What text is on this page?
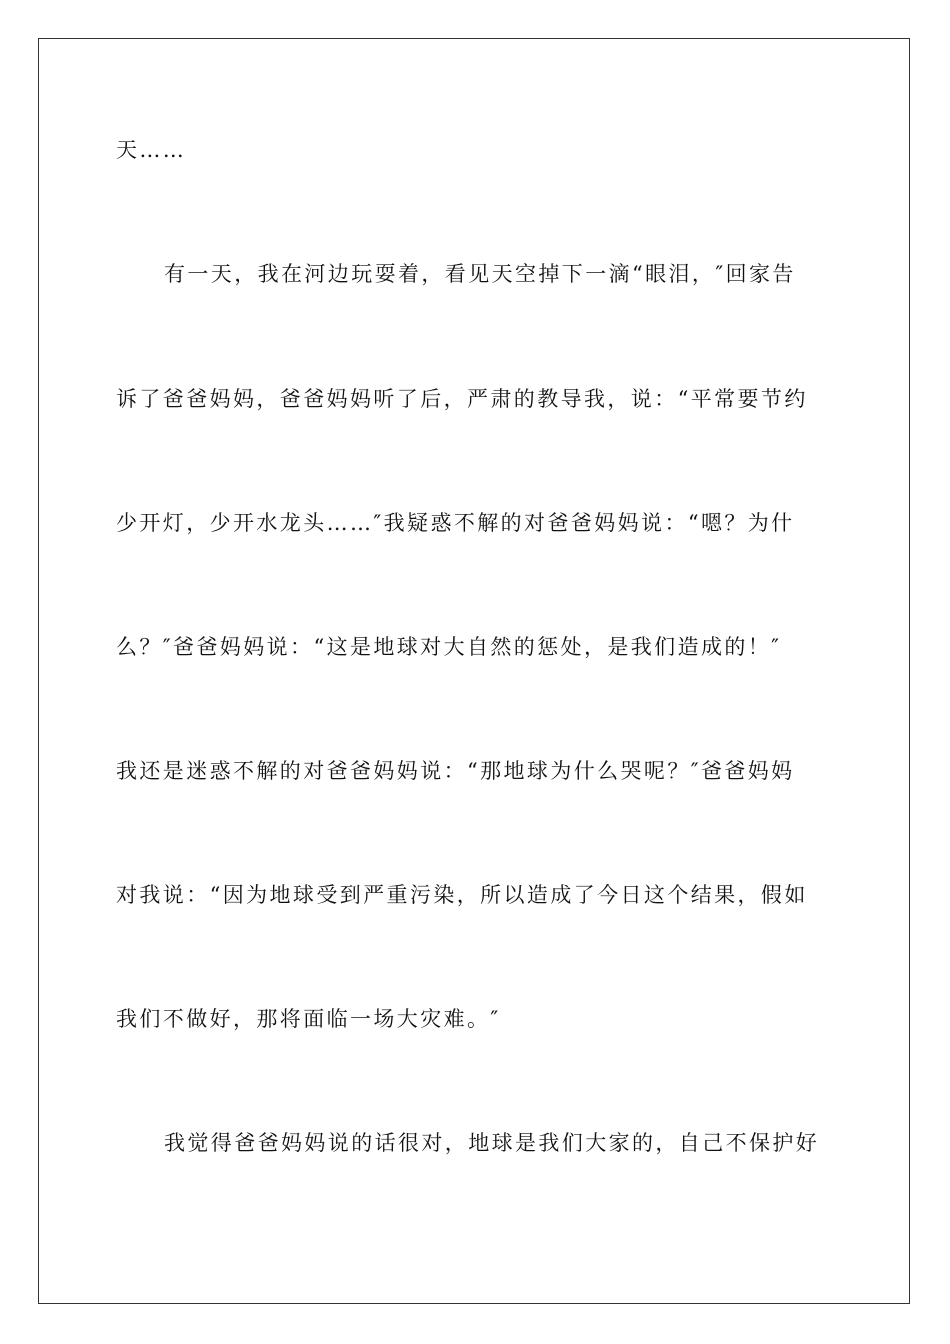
天……
有一天，我在河边玩耍着，看见天空掉下一滴“眼泪，″回家告
诉了爸爸妈妈，爸爸妈妈听了后，严肃的教导我，说：“平常要节约
少开灯，少开水龙头……″我疑惑不解的对爸爸妈妈说：“嗯？为什
么？″爸爸妈妈说：“这是地球对大自然的惩处，是我们造成的！″
我还是迷惑不解的对爸爸妈妈说：“那地球为什么哭呢？″爸爸妈妈
对我说：“因为地球受到严重污染，所以造成了今日这个结果，假如
我们不做好，那将面临一场大灾难。″
我觉得爸爸妈妈说的话很对，地球是我们大家的，自己不保护好
